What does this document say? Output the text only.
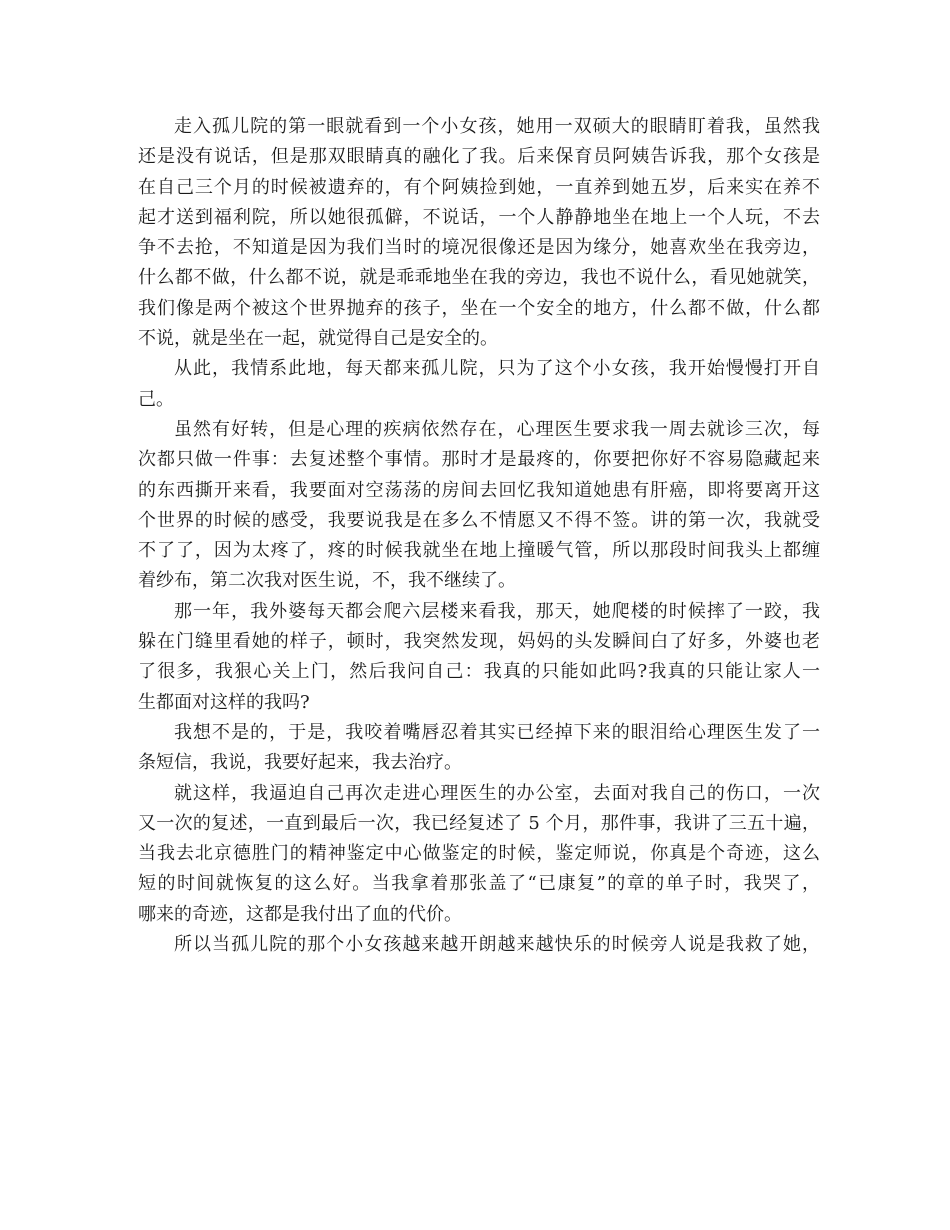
走入孤儿院的第一眼就看到一个小女孩，她用一双硕大的眼睛盯着我，虽然我
还是没有说话，但是那双眼睛真的融化了我。后来保育员阿姨告诉我，那个女孩是
在自己三个月的时候被遗弃的，有个阿姨捡到她，一直养到她五岁，后来实在养不
起才送到福利院，所以她很孤僻，不说话，一个人静静地坐在地上一个人玩，不去
争不去抢，不知道是因为我们当时的境况很像还是因为缘分，她喜欢坐在我旁边，
什么都不做，什么都不说，就是乖乖地坐在我的旁边，我也不说什么，看见她就笑，
我们像是两个被这个世界抛弃的孩子，坐在一个安全的地方，什么都不做，什么都
不说，就是坐在一起，就觉得自己是安全的。
从此，我情系此地，每天都来孤儿院，只为了这个小女孩，我开始慢慢打开自
己。
虽然有好转，但是心理的疾病依然存在，心理医生要求我一周去就诊三次，每
次都只做一件事：去复述整个事情。那时才是最疼的，你要把你好不容易隐藏起来
的东西撕开来看，我要面对空荡荡的房间去回忆我知道她患有肝癌，即将要离开这
个世界的时候的感受，我要说我是在多么不情愿又不得不签。讲的第一次，我就受
不了了，因为太疼了，疼的时候我就坐在地上撞暖气管，所以那段时间我头上都缠
着纱布，第二次我对医生说，不，我不继续了。
那一年，我外婆每天都会爬六层楼来看我，那天，她爬楼的时候摔了一跤，我
躲在门缝里看她的样子，顿时，我突然发现，妈妈的头发瞬间白了好多，外婆也老
了很多，我狠心关上门，然后我问自己：我真的只能如此吗?我真的只能让家人一
生都面对这样的我吗?
我想不是的，于是，我咬着嘴唇忍着其实已经掉下来的眼泪给心理医生发了一
条短信，我说，我要好起来，我去治疗。
就这样，我逼迫自己再次走进心理医生的办公室，去面对我自己的伤口，一次
又一次的复述，一直到最后一次，我已经复述了 5 个月，那件事，我讲了三五十遍，
当我去北京德胜门的精神鉴定中心做鉴定的时候，鉴定师说，你真是个奇迹，这么
短的时间就恢复的这么好。当我拿着那张盖了“已康复”的章的单子时，我哭了，
哪来的奇迹，这都是我付出了血的代价。
所以当孤儿院的那个小女孩越来越开朗越来越快乐的时候旁人说是我救了她，
